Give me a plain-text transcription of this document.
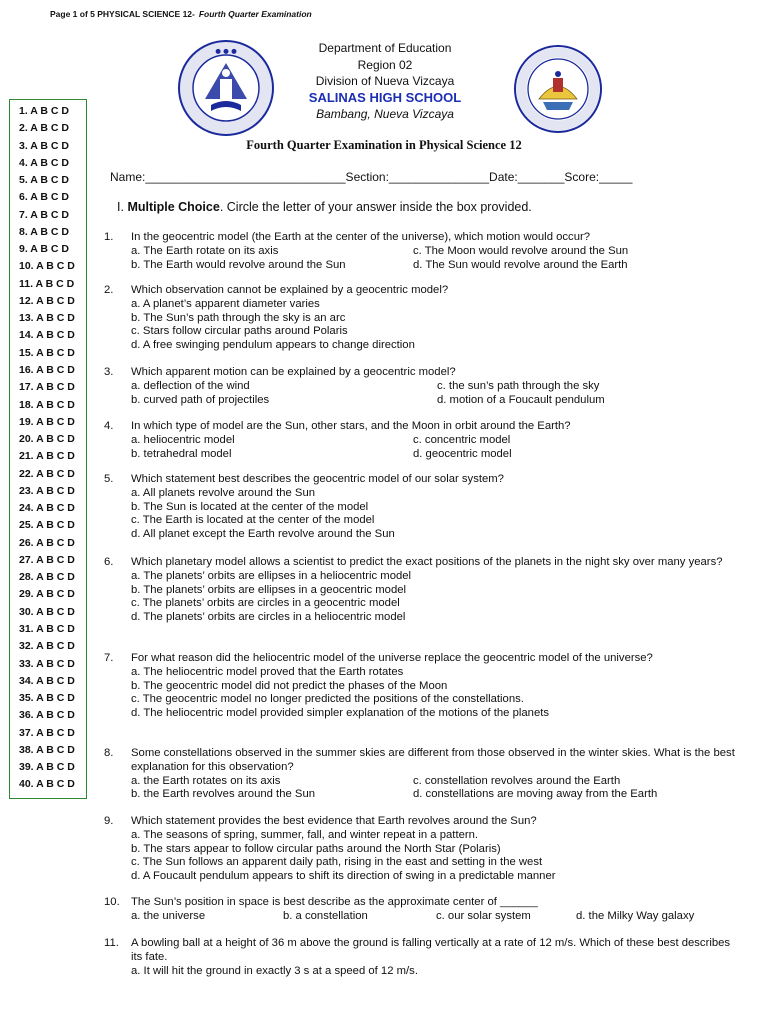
Page 1 of 5 PHYSICAL SCIENCE 12- Fourth Quarter Examination
● ● ●	Department of Education
Region 02
Division of Nueva Vizcaya
SALINAS HIGH SCHOOL
Bambang, Nueva Vizcaya
Fourth Quarter Examination in Physical Science 12
Name:______________________________Section:_______________Date:_______Score:_____
1. A B C D
2. A B C D
3. A B C D
4. A B C D
5. A B C D
6. A B C D
7. A B C D
8. A B C D
9. A B C D
10. A B C D
11. A B C D
12. A B C D
13. A B C D
14. A B C D
15. A B C D
16. A B C D
17. A B C D
18. A B C D
19. A B C D
20. A B C D
21. A B C D
22. A B C D
23. A B C D
24. A B C D
25. A B C D
26. A B C D
27. A B C D
28. A B C D
29. A B C D
30. A B C D
31. A B C D
32. A B C D
33. A B C D
34. A B C D
35. A B C D
36. A B C D
37. A B C D
38. A B C D
39. A B C D
40. A B C D
I. Multiple Choice. Circle the letter of your answer inside the box provided.
1.	In the geocentric model (the Earth at the center of the universe), which motion would occur?
a. The Earth rotate on its axis	c. The Moon would revolve around the Sun
b. The Earth would revolve around the Sun	d. The Sun would revolve around the Earth
2.	Which observation cannot be explained by a geocentric model?
a. A planet’s apparent diameter varies
b. The Sun’s path through the sky is an arc
c. Stars follow circular paths around Polaris
d. A free swinging pendulum appears to change direction
3.	Which apparent motion can be explained by a geocentric model?
a. deflection of the wind	c. the sun’s path through the sky
b. curved path of projectiles	d. motion of a Foucault pendulum
4.	In which type of model are the Sun, other stars, and the Moon in orbit around the Earth?
a. heliocentric model	c. concentric model
b. tetrahedral model	d. geocentric model
5.	Which statement best describes the geocentric model of our solar system?
a. All planets revolve around the Sun
b. The Sun is located at the center of the model
c. The Earth is located at the center of the model
d. All planet except the Earth revolve around the Sun
6.	Which planetary model allows a scientist to predict the exact positions of the planets in the night sky over many years?
a. The planets’ orbits are ellipses in a heliocentric model
b. The planets’ orbits are ellipses in a geocentric model
c. The planets’ orbits are circles in a geocentric model
d. The planets’ orbits are circles in a heliocentric model
7.	For what reason did the heliocentric model of the universe replace the geocentric model of the universe?
a. The heliocentric model proved that the Earth rotates
b. The geocentric model did not predict the phases of the Moon
c. The geocentric model no longer predicted the positions of the constellations.
d. The heliocentric model provided simpler explanation of the motions of the planets
8.	Some constellations observed in the summer skies are different from those observed in the winter skies. What is the best explanation for this observation?
a. the Earth rotates on its axis	c. constellation revolves around the Earth
b. the Earth revolves around the Sun	d. constellations are moving away from the Earth
9.	Which statement provides the best evidence that Earth revolves around the Sun?
a. The seasons of spring, summer, fall, and winter repeat in a pattern.
b. The stars appear to follow circular paths around the North Star (Polaris)
c. The Sun follows an apparent daily path, rising in the east and setting in the west
d. A Foucault pendulum appears to shift its direction of swing in a predictable manner
10. The Sun’s position in space is best describe as the approximate center of ______
a. the universe	b. a constellation	c. our solar system	d. the Milky Way galaxy
11.	A bowling ball at a height of 36 m above the ground is falling vertically at a rate of 12 m/s. Which of these best describes its fate.
a. It will hit the ground in exactly 3 s at a speed of 12 m/s.
